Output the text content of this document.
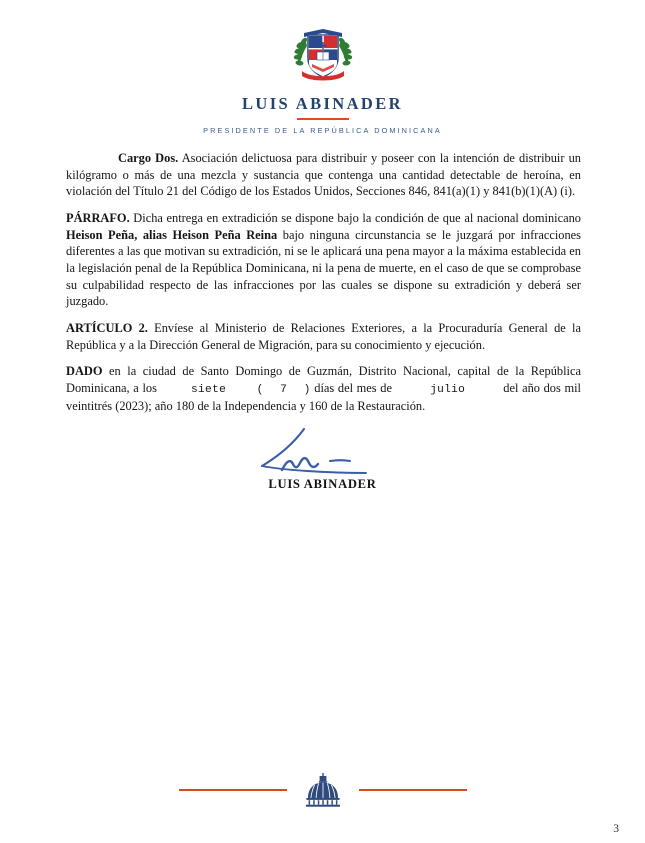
LUIS ABINADER
PRESIDENTE DE LA REPÚBLICA DOMINICANA

Cargo Dos. Asociación delictuosa para distribuir y poseer con la intención de distribuir un kilógramo o más de una mezcla y sustancia que contenga una cantidad detectable de heroína, en violación del Título 21 del Código de los Estados Unidos, Secciones 846, 841(a)(1) y 841(b)(1)(A) (i).

PÁRRAFO. Dicha entrega en extradición se dispone bajo la condición de que al nacional dominicano Heison Peña, alias Heison Peña Reina bajo ninguna circunstancia se le juzgará por infracciones diferentes a las que motivan su extradición, ni se le aplicará una pena mayor a la máxima establecida en la legislación penal de la República Dominicana, ni la pena de muerte, en el caso de que se comprobase su culpabilidad respecto de las infracciones por las cuales se dispone su extradición y deberá ser juzgado.

ARTÍCULO 2. Envíese al Ministerio de Relaciones Exteriores, a la Procuraduría General de la República y a la Dirección General de Migración, para su conocimiento y ejecución.

DADO en la ciudad de Santo Domingo de Guzmán, Distrito Nacional, capital de la República Dominicana, a los	siete	( 7 ) días del mes de	julio	del año dos mil veintitrés (2023); año 180 de la Independencia y 160 de la Restauración.

LUIS ABINADER
3
